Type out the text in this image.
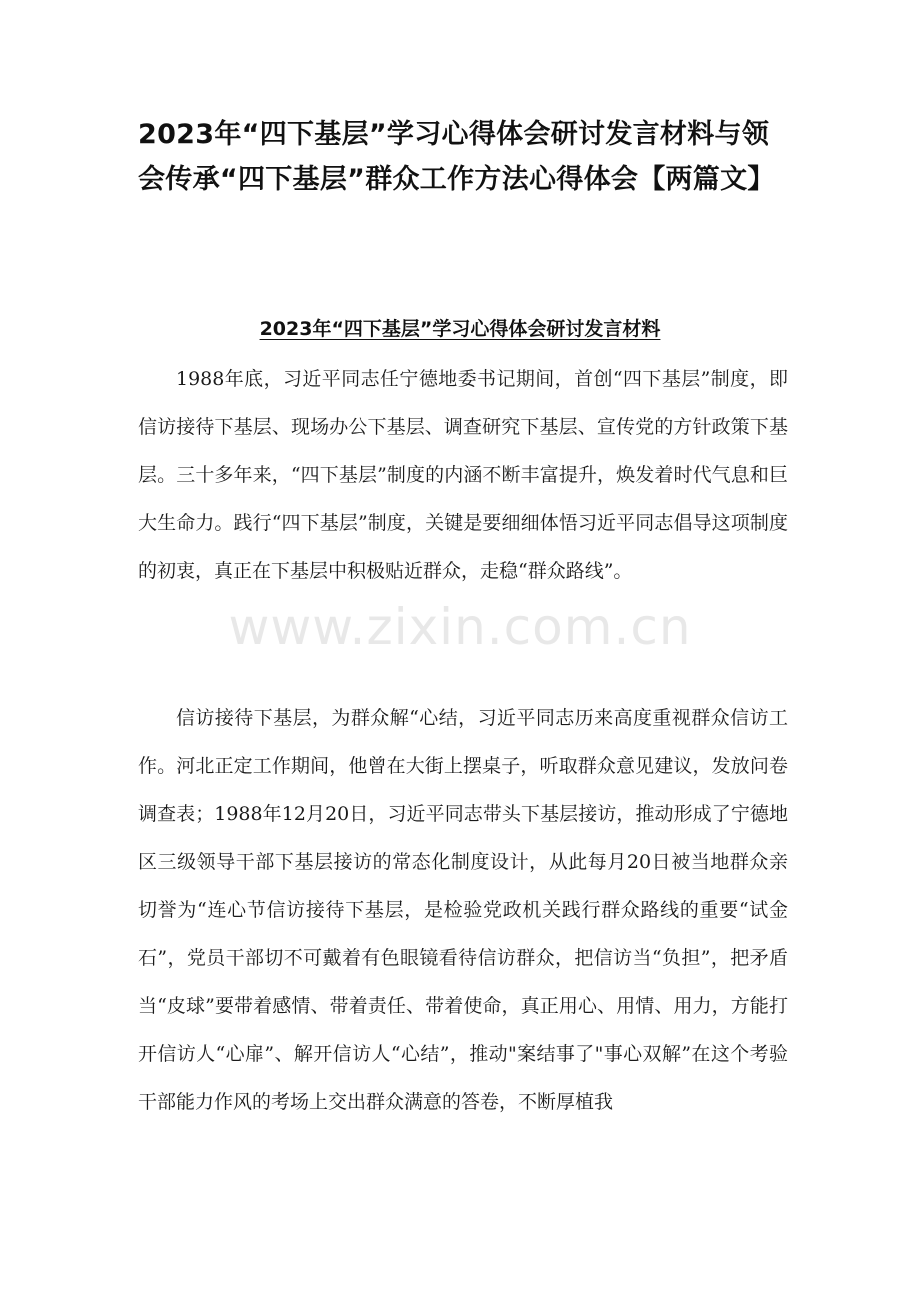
2023年“四下基层”学习心得体会研讨发言材料与领会传承“四下基层”群众工作方法心得体会【两篇文】
2023年“四下基层”学习心得体会研讨发言材料

1988年底，习近平同志任宁德地委书记期间，首创“四下基层”制度，即信访接待下基层、现场办公下基层、调查研究下基层、宣传党的方针政策下基层。三十多年来，“四下基层”制度的内涵不断丰富提升，焕发着时代气息和巨大生命力。践行“四下基层”制度，关键是要细细体悟习近平同志倡导这项制度的初衷，真正在下基层中积极贴近群众，走稳“群众路线”。

www.zixin.com.cn

信访接待下基层，为群众解“心结，习近平同志历来高度重视群众信访工作。河北正定工作期间，他曾在大街上摆桌子，听取群众意见建议，发放问卷调查表；1988年12月20日，习近平同志带头下基层接访，推动形成了宁德地区三级领导干部下基层接访的常态化制度设计，从此每月20日被当地群众亲切誉为“连心节信访接待下基层，是检验党政机关践行群众路线的重要“试金石”，党员干部切不可戴着有色眼镜看待信访群众，把信访当“负担”，把矛盾当“皮球”要带着感情、带着责任、带着使命，真正用心、用情、用力，方能打开信访人“心扉”、解开信访人“心结”，推动"案结事了"事心双解”在这个考验干部能力作风的考场上交出群众满意的答卷，不断厚植我
